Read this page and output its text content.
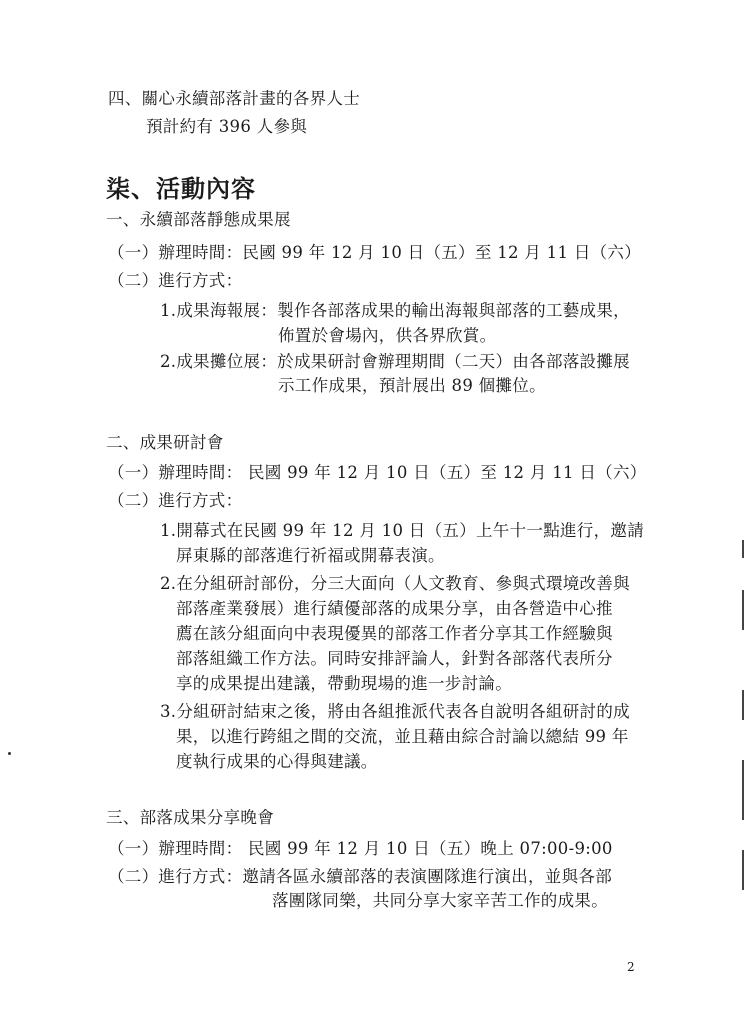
四、關心永續部落計畫的各界人士
預計約有 396 人參與
柒、活動內容
一、永續部落靜態成果展
（一）辦理時間：民國 99 年 12 月 10 日（五）至 12 月 11 日（六）
（二）進行方式：
1.成果海報展：製作各部落成果的輸出海報與部落的工藝成果，
佈置於會場內，供各界欣賞。
2.成果攤位展：於成果研討會辦理期間（二天）由各部落設攤展
示工作成果，預計展出 89 個攤位。
二、成果研討會
（一）辦理時間： 民國 99 年 12 月 10 日（五）至 12 月 11 日（六）
（二）進行方式：
1.開幕式在民國 99 年 12 月 10 日（五）上午十一點進行，邀請
屏東縣的部落進行祈福或開幕表演。
2.在分組研討部份，分三大面向（人文教育、參與式環境改善與
部落產業發展）進行績優部落的成果分享，由各營造中心推
薦在該分組面向中表現優異的部落工作者分享其工作經驗與
部落組織工作方法。同時安排評論人，針對各部落代表所分
享的成果提出建議，帶動現場的進一步討論。
3.分組研討結束之後，將由各組推派代表各自說明各組研討的成
果，以進行跨組之間的交流，並且藉由綜合討論以總結 99 年
度執行成果的心得與建議。
三、部落成果分享晚會
（一）辦理時間： 民國 99 年 12 月 10 日（五）晚上 07:00-9:00
（二）進行方式：邀請各區永續部落的表演團隊進行演出，並與各部
落團隊同樂，共同分享大家辛苦工作的成果。
2
